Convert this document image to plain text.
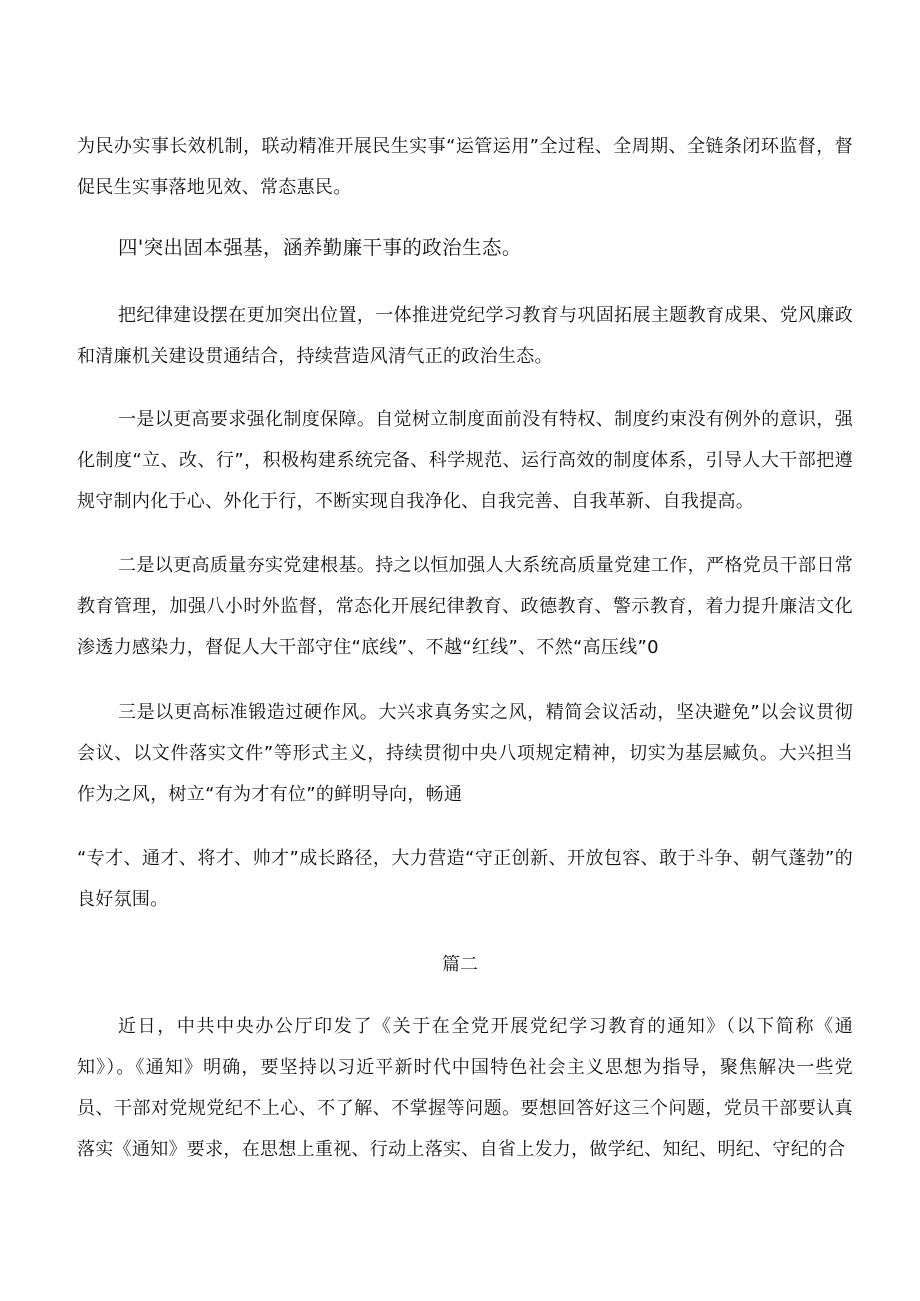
为民办实事长效机制，联动精准开展民生实事“运管运用”全过程、全周期、全链条闭环监督，督促民生实事落地见效、常态惠民。

四'突出固本强基，涵养勤廉干事的政治生态。

把纪律建设摆在更加突出位置，一体推进党纪学习教育与巩固拓展主题教育成果、党风廉政和清廉机关建设贯通结合，持续营造风清气正的政治生态。

一是以更高要求强化制度保障。自觉树立制度面前没有特权、制度约束没有例外的意识，强化制度“立、改、行”，积极构建系统完备、科学规范、运行高效的制度体系，引导人大干部把遵规守制内化于心、外化于行，不断实现自我净化、自我完善、自我革新、自我提高。

二是以更高质量夯实党建根基。持之以恒加强人大系统高质量党建工作，严格党员干部日常教育管理，加强八小时外监督，常态化开展纪律教育、政德教育、警示教育，着力提升廉洁文化渗透力感染力，督促人大干部守住“底线”、不越“红线”、不然“高压线”0

三是以更高标准锻造过硬作风。大兴求真务实之风，精简会议活动，坚决避免”以会议贯彻会议、以文件落实文件”等形式主义，持续贯彻中央八项规定精神，切实为基层臧负。大兴担当作为之风，树立“有为才有位”的鲜明导向，畅通

“专才、通才、将才、帅才”成长路径，大力营造“守正创新、开放包容、敢于斗争、朝气蓬勃”的良好氛围。

篇二

近日，中共中央办公厅印发了《关于在全党开展党纪学习教育的通知》（以下简称《通知》）。《通知》明确，要坚持以习近平新时代中国特色社会主义思想为指导，聚焦解决一些党员、干部对党规党纪不上心、不了解、不掌握等问题。要想回答好这三个问题，党员干部要认真落实《通知》要求，在思想上重视、行动上落实、自省上发力，做学纪、知纪、明纪、守纪的合
